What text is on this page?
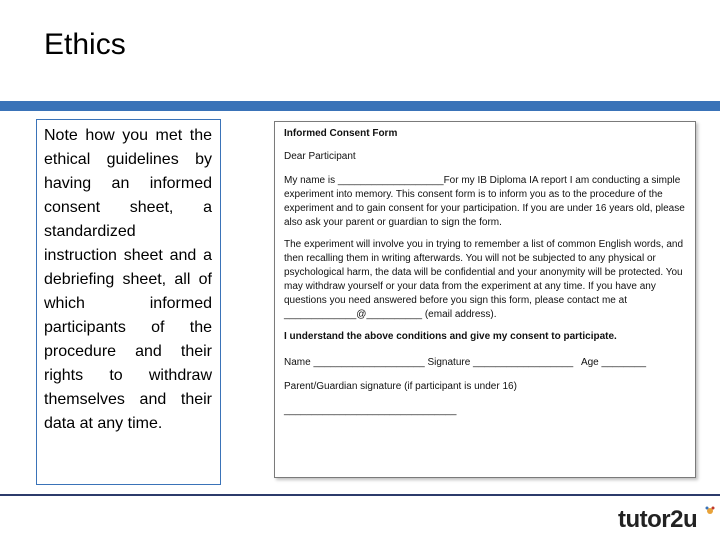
Ethics
Note how you met the ethical guidelines by having an informed consent sheet, a standardized instruction sheet and a debriefing sheet, all of which informed participants of the procedure and their rights to withdraw themselves and their data at any time.
Informed Consent Form
Dear Participant
My name is ___________________For my IB Diploma IA report I am conducting a simple experiment into memory. This consent form is to inform you as to the procedure of the experiment and to gain consent for your participation. If you are under 16 years old, please also ask your parent or guardian to sign the form.
The experiment will involve you in trying to remember a list of common English words, and then recalling them in writing afterwards. You will not be subjected to any physical or psychological harm, the data will be confidential and your anonymity will be protected. You may withdraw yourself or your data from the experiment at any time. If you have any questions you need answered before you sign this form, please contact me at _____________@__________ (email address).
I understand the above conditions and give my consent to participate.
Name ____________________ Signature __________________   Age ________
Parent/Guardian signature (if participant is under 16)
_______________________________
tutor2u
